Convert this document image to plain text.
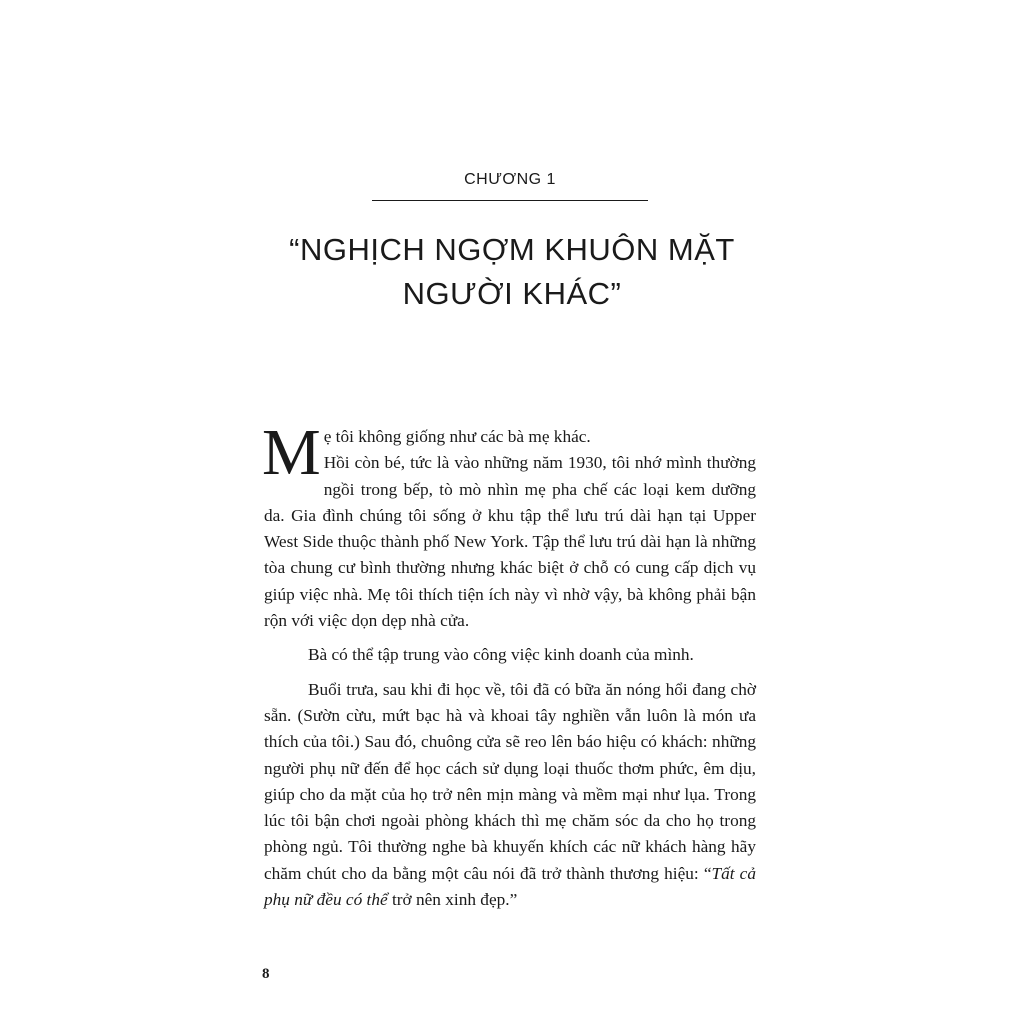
CHƯƠNG 1
“NGHỊCH NGỢM KHUÔN MẶT
NGƯỜI KHÁC”

Mẹ tôi không giống như các bà mẹ khác.
Hồi còn bé, tức là vào những năm 1930, tôi nhớ mình thường ngồi trong bếp, tò mò nhìn mẹ pha chế các loại kem dưỡng da. Gia đình chúng tôi sống ở khu tập thể lưu trú dài hạn tại Upper West Side thuộc thành phố New York. Tập thể lưu trú dài hạn là những tòa chung cư bình thường nhưng khác biệt ở chỗ có cung cấp dịch vụ giúp việc nhà. Mẹ tôi thích tiện ích này vì nhờ vậy, bà không phải bận rộn với việc dọn dẹp nhà cửa.

Bà có thể tập trung vào công việc kinh doanh của mình.

Buổi trưa, sau khi đi học về, tôi đã có bữa ăn nóng hổi đang chờ sẵn. (Sườn cừu, mứt bạc hà và khoai tây nghiền vẫn luôn là món ưa thích của tôi.) Sau đó, chuông cửa sẽ reo lên báo hiệu có khách: những người phụ nữ đến để học cách sử dụng loại thuốc thơm phức, êm dịu, giúp cho da mặt của họ trở nên mịn màng và mềm mại như lụa. Trong lúc tôi bận chơi ngoài phòng khách thì mẹ chăm sóc da cho họ trong phòng ngủ. Tôi thường nghe bà khuyến khích các nữ khách hàng hãy chăm chút cho da bằng một câu nói đã trở thành thương hiệu: “Tất cả phụ nữ đều có thể trở nên xinh đẹp.”

8
